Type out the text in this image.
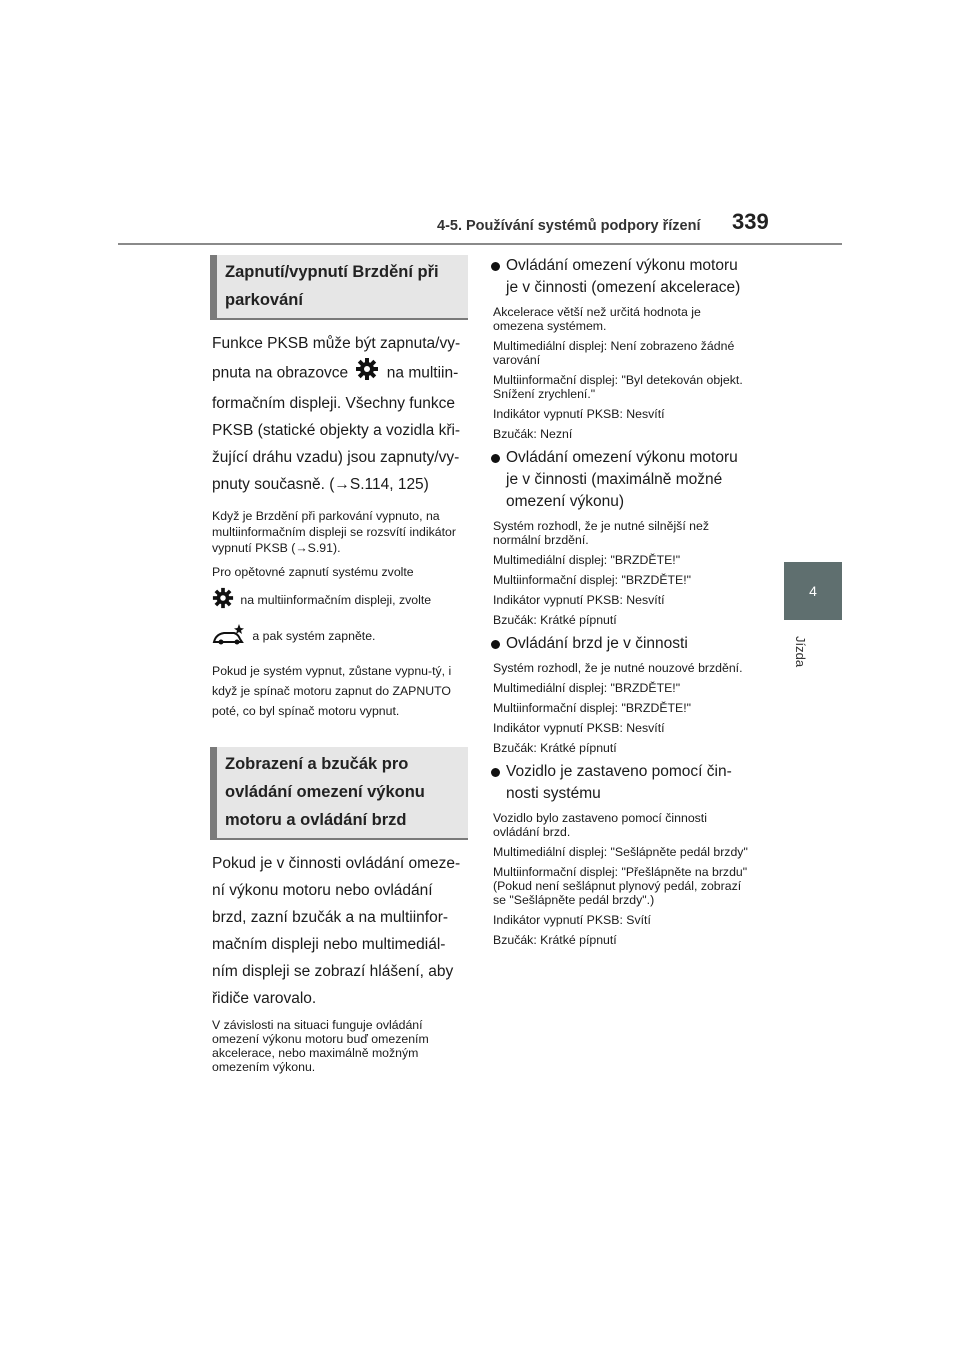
4-5. Používání systémů podpory řízení 339
4
Jízda
Zapnutí/vypnutí Brzdění při parkování
Funkce PKSB může být zapnuta/vy-pnuta na obrazovce  na multiin-formačním displeji. Všechny funkce PKSB (statické objekty a vozidla kři-žující dráhu vzadu) jsou zapnuty/vy-pnuty současně. (→S.114, 125)
Když je Brzdění při parkování vypnuto, na multiinformačním displeji se rozsvítí indikátor vypnutí PKSB (→S.91).
Pro opětovné zapnutí systému zvolte
na multiinformačním displeji, zvolte
a pak systém zapněte.
Pokud je systém vypnut, zůstane vypnu-tý, i když je spínač motoru zapnut do ZAPNUTO poté, co byl spínač motoru vypnut.
Zobrazení a bzučák pro ovládání omezení výkonu motoru a ovládání brzd
Pokud je v činnosti ovládání omeze-ní výkonu motoru nebo ovládání brzd, zazní bzučák a na multiinfor-mačním displeji nebo multimediál-ním displeji se zobrazí hlášení, aby řidiče varovalo.
V závislosti na situaci funguje ovládání omezení výkonu motoru buď omezením akcelerace, nebo maximálně možným omezením výkonu.
Ovládání omezení výkonu motoru je v činnosti (omezení akcelerace)
Akcelerace větší než určitá hodnota je omezena systémem.
Multimediální displej: Není zobrazeno žádné varování
Multiinformační displej: "Byl detekován objekt. Snížení zrychlení."
Indikátor vypnutí PKSB: Nesvítí
Bzučák: Nezní
Ovládání omezení výkonu motoru je v činnosti (maximálně možné omezení výkonu)
Systém rozhodl, že je nutné silnější než normální brzdění.
Multimediální displej: "BRZDĚTE!"
Multiinformační displej: "BRZDĚTE!"
Indikátor vypnutí PKSB: Nesvítí
Bzučák: Krátké pípnutí
Ovládání brzd je v činnosti
Systém rozhodl, že je nutné nouzové brzdění.
Multimediální displej: "BRZDĚTE!"
Multiinformační displej: "BRZDĚTE!"
Indikátor vypnutí PKSB: Nesvítí
Bzučák: Krátké pípnutí
Vozidlo je zastaveno pomocí čin-nosti systému
Vozidlo bylo zastaveno pomocí činnosti ovládání brzd.
Multimediální displej: "Sešlápněte pedál brzdy"
Multiinformační displej: "Přešlápněte na brzdu" (Pokud není sešlápnut plynový pedál, zobrazí se "Sešlápněte pedál brzdy".)
Indikátor vypnutí PKSB: Svítí
Bzučák: Krátké pípnutí
